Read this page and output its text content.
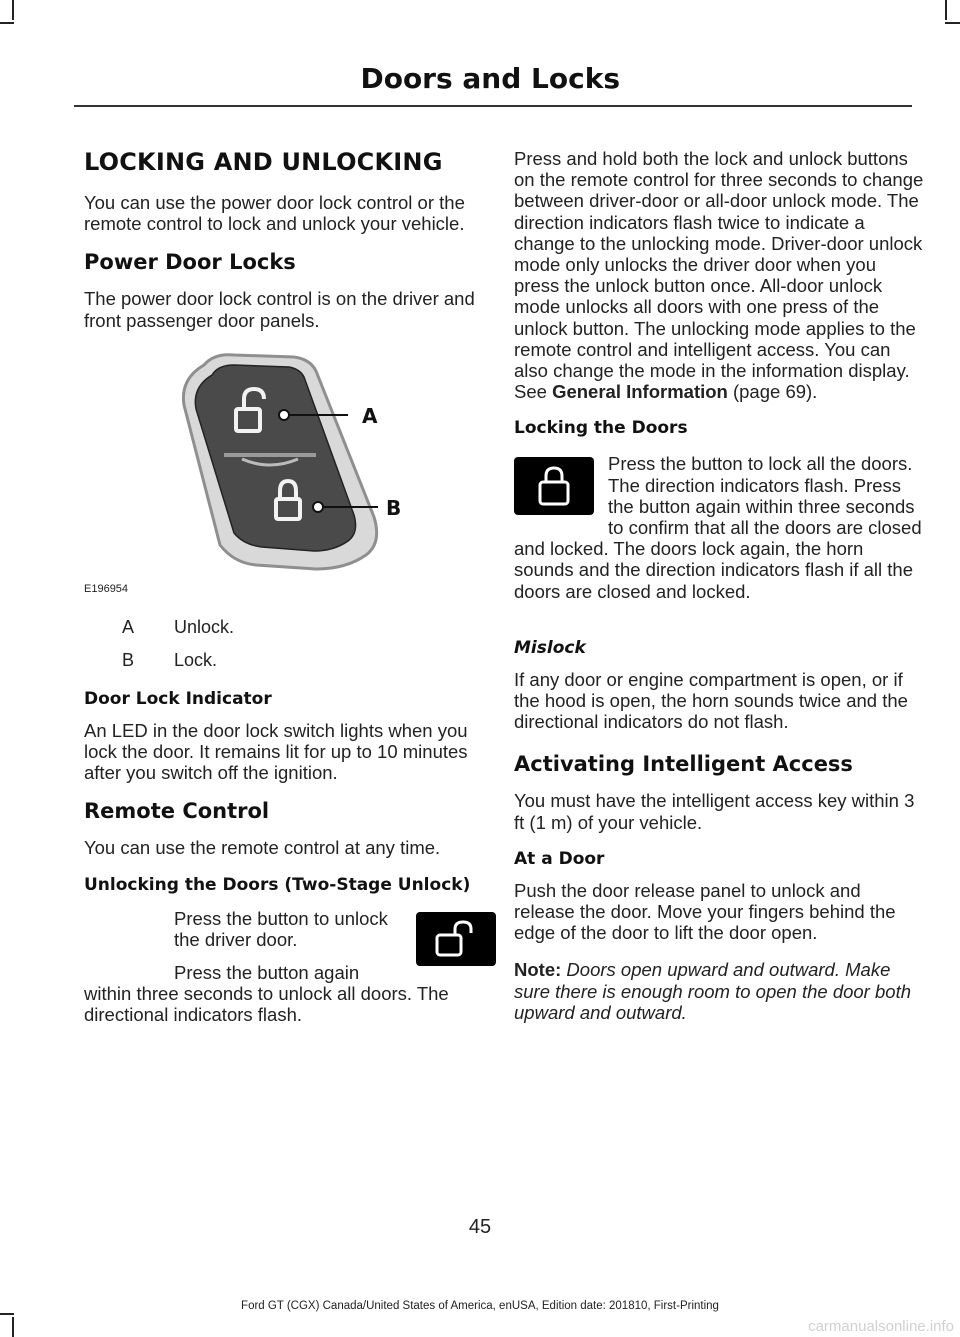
Doors and Locks
LOCKING AND UNLOCKING

You can use the power door lock control or the remote control to lock and unlock your vehicle.

Power Door Locks

The power door lock control is on the driver and front passenger door panels.

A
B
E196954
A	Unlock.
B	Lock.
Door Lock Indicator

An LED in the door lock switch lights when you lock the door. It remains lit for up to 10 minutes after you switch off the ignition.

Remote Control

You can use the remote control at any time.

Unlocking the Doors (Two-Stage Unlock)

Press the button to unlock the driver door.

Press the button again within three seconds to unlock all doors. The directional indicators flash.

Press and hold both the lock and unlock buttons on the remote control for three seconds to change between driver-door or all-door unlock mode. The direction indicators flash twice to indicate a change to the unlocking mode. Driver-door unlock mode only unlocks the driver door when you press the unlock button once. All-door unlock mode unlocks all doors with one press of the unlock button. The unlocking mode applies to the remote control and intelligent access. You can also change the mode in the information display. See General Information (page 69).

Locking the Doors

Press the button to lock all the doors. The direction indicators flash. Press the button again within three seconds to confirm that all the doors are closed and locked. The doors lock again, the horn sounds and the direction indicators flash if all the doors are closed and locked.

Mislock

If any door or engine compartment is open, or if the hood is open, the horn sounds twice and the directional indicators do not flash.

Activating Intelligent Access

You must have the intelligent access key within 3 ft (1 m) of your vehicle.

At a Door

Push the door release panel to unlock and release the door. Move your fingers behind the edge of the door to lift the door open.

Note: Doors open upward and outward. Make sure there is enough room to open the door both upward and outward.

45
Ford GT (CGX) Canada/United States of America, enUSA, Edition date: 201810, First-Printing
carmanualsonline.info
